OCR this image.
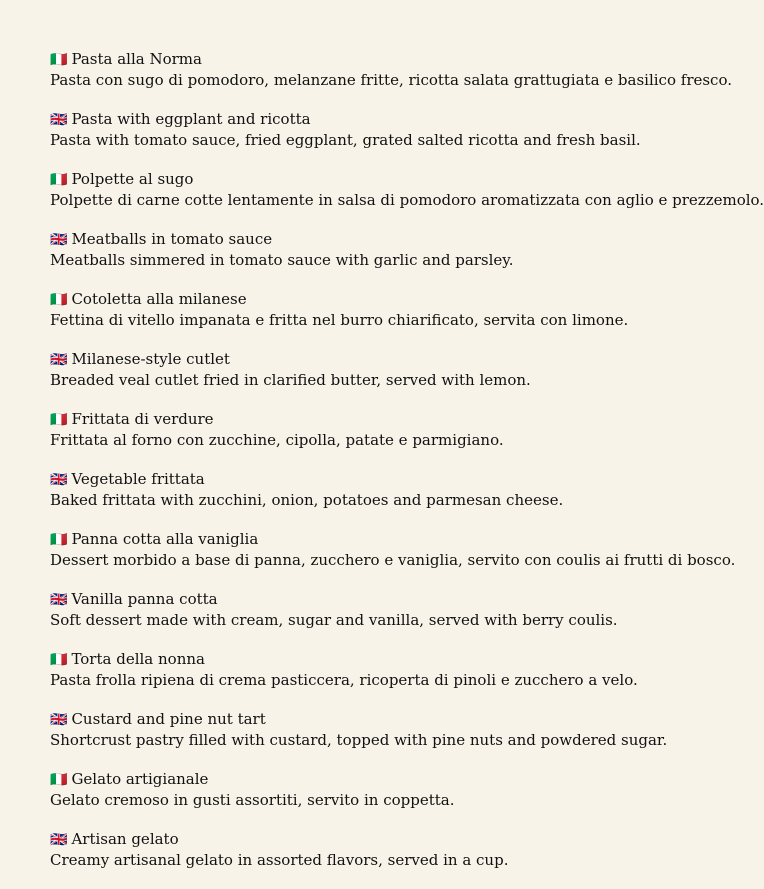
🇮🇹 Pasta alla Norma
Pasta con sugo di pomodoro, melanzane fritte, ricotta salata grattugiata e basilico fresco.
🇬🇧 Pasta with eggplant and ricotta
Pasta with tomato sauce, fried eggplant, grated salted ricotta and fresh basil.
🇮🇹 Polpette al sugo
Polpette di carne cotte lentamente in salsa di pomodoro aromatizzata con aglio e prezzemolo.
🇬🇧 Meatballs in tomato sauce
Meatballs simmered in tomato sauce with garlic and parsley.
🇮🇹 Cotoletta alla milanese
Fettina di vitello impanata e fritta nel burro chiarificato, servita con limone.
🇬🇧 Milanese-style cutlet
Breaded veal cutlet fried in clarified butter, served with lemon.
🇮🇹 Frittata di verdure
Frittata al forno con zucchine, cipolla, patate e parmigiano.
🇬🇧 Vegetable frittata
Baked frittata with zucchini, onion, potatoes and parmesan cheese.
🇮🇹 Panna cotta alla vaniglia
Dessert morbido a base di panna, zucchero e vaniglia, servito con coulis ai frutti di bosco.
🇬🇧 Vanilla panna cotta
Soft dessert made with cream, sugar and vanilla, served with berry coulis.
🇮🇹 Torta della nonna
Pasta frolla ripiena di crema pasticcera, ricoperta di pinoli e zucchero a velo.
🇬🇧 Custard and pine nut tart
Shortcrust pastry filled with custard, topped with pine nuts and powdered sugar.
🇮🇹 Gelato artigianale
Gelato cremoso in gusti assortiti, servito in coppetta.
🇬🇧 Artisan gelato
Creamy artisanal gelato in assorted flavors, served in a cup.
